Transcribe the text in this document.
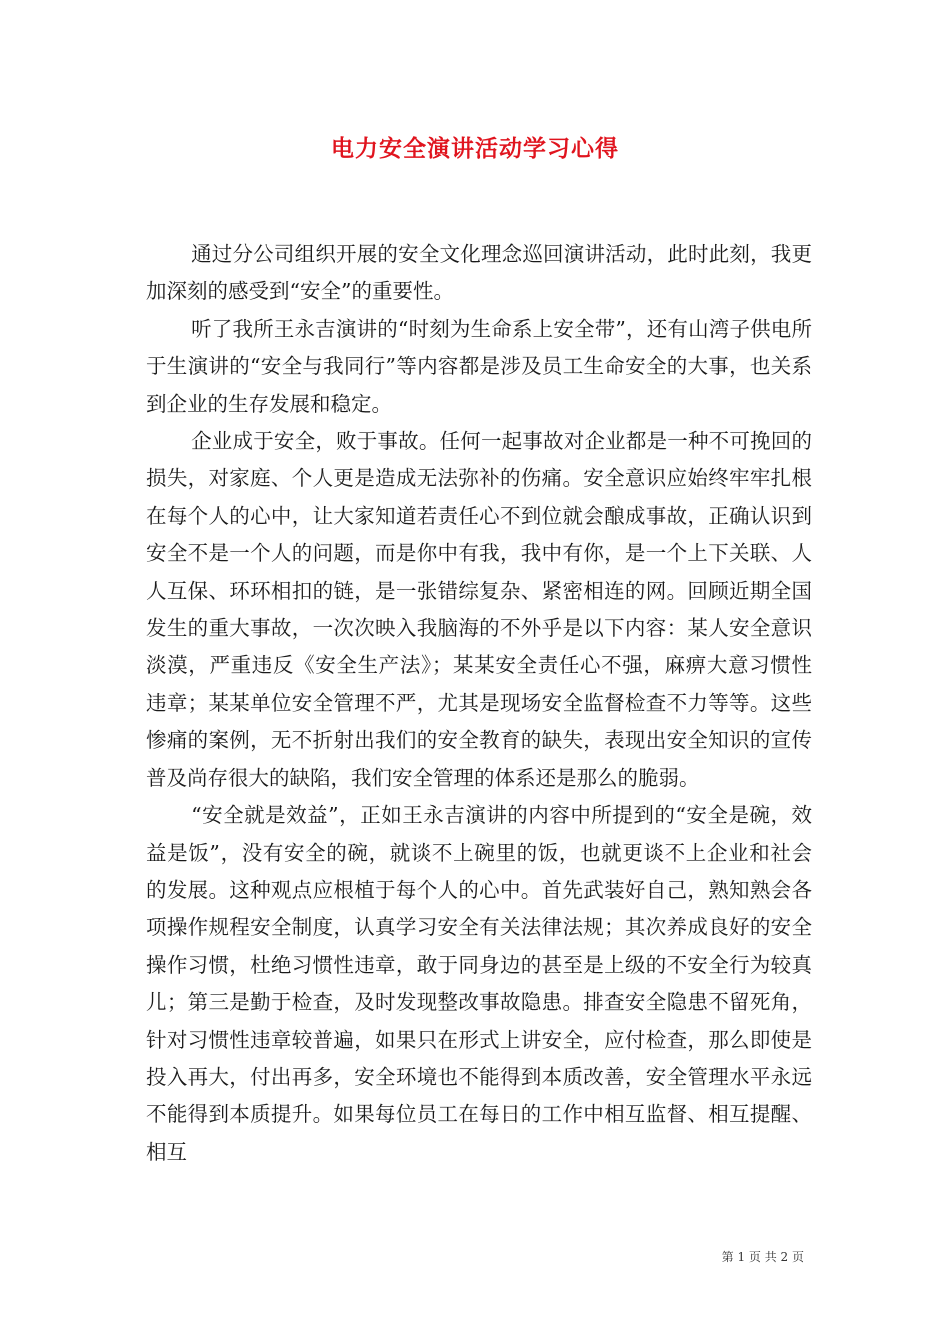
电力安全演讲活动学习心得

通过分公司组织开展的安全文化理念巡回演讲活动，此时此刻，我更加深刻的感受到“安全”的重要性。

听了我所王永吉演讲的“时刻为生命系上安全带”，还有山湾子供电所于生演讲的“安全与我同行”等内容都是涉及员工生命安全的大事，也关系到企业的生存发展和稳定。

企业成于安全，败于事故。任何一起事故对企业都是一种不可挽回的损失，对家庭、个人更是造成无法弥补的伤痛。安全意识应始终牢牢扎根在每个人的心中，让大家知道若责任心不到位就会酿成事故，正确认识到安全不是一个人的问题，而是你中有我，我中有你，是一个上下关联、人人互保、环环相扣的链，是一张错综复杂、紧密相连的网。回顾近期全国发生的重大事故，一次次映入我脑海的不外乎是以下内容：某人安全意识淡漠，严重违反《安全生产法》；某某安全责任心不强，麻痹大意习惯性违章；某某单位安全管理不严，尤其是现场安全监督检查不力等等。这些惨痛的案例，无不折射出我们的安全教育的缺失，表现出安全知识的宣传普及尚存很大的缺陷，我们安全管理的体系还是那么的脆弱。

“安全就是效益”，正如王永吉演讲的内容中所提到的“安全是碗，效益是饭”，没有安全的碗，就谈不上碗里的饭，也就更谈不上企业和社会的发展。这种观点应根植于每个人的心中。首先武装好自己，熟知熟会各项操作规程安全制度，认真学习安全有关法律法规；其次养成良好的安全操作习惯，杜绝习惯性违章，敢于同身边的甚至是上级的不安全行为较真儿；第三是勤于检查，及时发现整改事故隐患。排查安全隐患不留死角，针对习惯性违章较普遍，如果只在形式上讲安全，应付检查，那么即使是投入再大，付出再多，安全环境也不能得到本质改善，安全管理水平永远不能得到本质提升。如果每位员工在每日的工作中相互监督、相互提醒、相互

第 1 页 共 2 页
